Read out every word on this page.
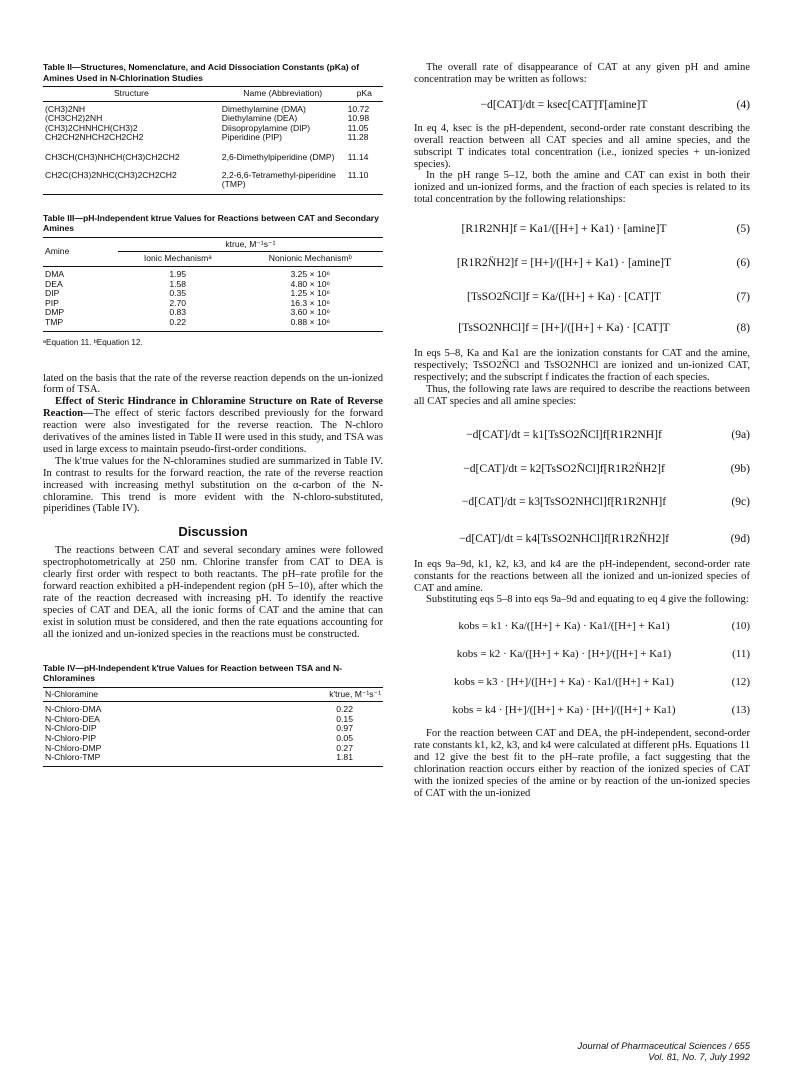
Table II—Structures, Nomenclature, and Acid Dissociation Constants (pKa) of Amines Used in N-Chlorination Studies

Structure	Name (Abbreviation)	pKa
(CH3)2NH	Dimethylamine (DMA)	10.72
(CH3CH2)2NH	Diethylamine (DEA)	10.98
(CH3)2CHNHCH(CH3)2	Diisopropylamine (DIP)	11.05
CH2CH2NHCH2CH2CH2	Piperidine (PIP)	11.28
CH3CH(CH3)NHCH(CH3)CH2CH2	2,6-Dimethylpiperidine (DMP)	11.14
CH2C(CH3)2NHC(CH3)2CH2CH2	2,2-6,6-Tetramethyl-piperidine (TMP)	11.10

Table III—pH-Independent ktrue Values for Reactions between CAT and Secondary Amines

Amine	ktrue, M⁻¹s⁻¹	
	Ionic Mechanismᵃ	Nonionic Mechanismᵇ
DMA	1.95	3.25 × 10⁶
DEA	1.58	4.80 × 10⁶
DIP	0.35	1.25 × 10⁶
PIP	2.70	16.3 × 10⁶
DMP	0.83	3.60 × 10⁶
TMP	0.22	0.88 × 10⁶

ᵃEquation 11. ᵇEquation 12.

lated on the basis that the rate of the reverse reaction depends on the un-ionized form of TSA.

Effect of Steric Hindrance in Chloramine Structure on Rate of Reverse Reaction—The effect of steric factors described previously for the forward reaction were also investigated for the reverse reaction. The N-chloro derivatives of the amines listed in Table II were used in this study, and TSA was used in large excess to maintain pseudo-first-order conditions.

The k′true values for the N-chloramines studied are summarized in Table IV. In contrast to results for the forward reaction, the rate of the reverse reaction increased with increasing methyl substitution on the α-carbon of the N-chloramine. This trend is more evident with the N-chloro-substituted, piperidines (Table IV).

Discussion

The reactions between CAT and several secondary amines were followed spectrophotometrically at 250 nm. Chlorine transfer from CAT to DEA is clearly first order with respect to both reactants. The pH–rate profile for the forward reaction exhibited a pH-independent region (pH 5–10), after which the rate of the reaction decreased with increasing pH. To identify the reactive species of CAT and DEA, all the ionic forms of CAT and the amine that can exist in solution must be considered, and then the rate equations accounting for all the ionized and un-ionized species in the reactions must be constructed.

Table IV—pH-Independent k′true Values for Reaction between TSA and N-Chloramines

N-Chloramine	k′true, M⁻¹s⁻¹
N-Chloro-DMA	0.22
N-Chloro-DEA	0.15
N-Chloro-DIP	0.97
N-Chloro-PIP	0.05
N-Chloro-DMP	0.27
N-Chloro-TMP	1.81

The overall rate of disappearance of CAT at any given pH and amine concentration may be written as follows:

−d[CAT]/dt = ksec[CAT]T[amine]T	(4)

In eq 4, ksec is the pH-dependent, second-order rate constant describing the overall reaction between all CAT species and all amine species, and the subscript T indicates total concentration (i.e., ionized species + un-ionized species).

In the pH range 5–12, both the amine and CAT can exist in both their ionized and un-ionized forms, and the fraction of each species is related to its total concentration by the following relationships:

[R1R2NH]f = Ka1/([H+] + Ka1) · [amine]T	(5)
[R1R2N̈H2]f = [H+]/([H+] + Ka1) · [amine]T	(6)
[TsSO2N̄Cl]f = Ka/([H+] + Ka) · [CAT]T	(7)
[TsSO2NHCl]f = [H+]/([H+] + Ka) · [CAT]T	(8)

In eqs 5–8, Ka and Ka1 are the ionization constants for CAT and the amine, respectively; TsSO2N̄Cl and TsSO2NHCl are ionized and un-ionized CAT, respectively; and the subscript f indicates the fraction of each species.

Thus, the following rate laws are required to describe the reactions between all CAT species and all amine species:

−d[CAT]/dt = k1[TsSO2N̄Cl]f[R1R2NH]f	(9a)
−d[CAT]/dt = k2[TsSO2N̄Cl]f[R1R2N̈H2]f	(9b)
−d[CAT]/dt = k3[TsSO2NHCl]f[R1R2NH]f	(9c)
−d[CAT]/dt = k4[TsSO2NHCl]f[R1R2N̈H2]f	(9d)

In eqs 9a–9d, k1, k2, k3, and k4 are the pH-independent, second-order rate constants for the reactions between all the ionized and un-ionized species of CAT and amine.

Substituting eqs 5–8 into eqs 9a–9d and equating to eq 4 give the following:

kobs = k1 · Ka/([H+] + Ka) · Ka1/([H+] + Ka1)	(10)
kobs = k2 · Ka/([H+] + Ka) · [H+]/([H+] + Ka1)	(11)
kobs = k3 · [H+]/([H+] + Ka) · Ka1/([H+] + Ka1)	(12)
kobs = k4 · [H+]/([H+] + Ka) · [H+]/([H+] + Ka1)	(13)

For the reaction between CAT and DEA, the pH-independent, second-order rate constants k1, k2, k3, and k4 were calculated at different pHs. Equations 11 and 12 give the best fit to the pH–rate profile, a fact suggesting that the chlorination reaction occurs either by reaction of the ionized species of CAT with the ionized species of the amine or by reaction of the un-ionized species of CAT with the un-ionized

Journal of Pharmaceutical Sciences / 655
Vol. 81, No. 7, July 1992
